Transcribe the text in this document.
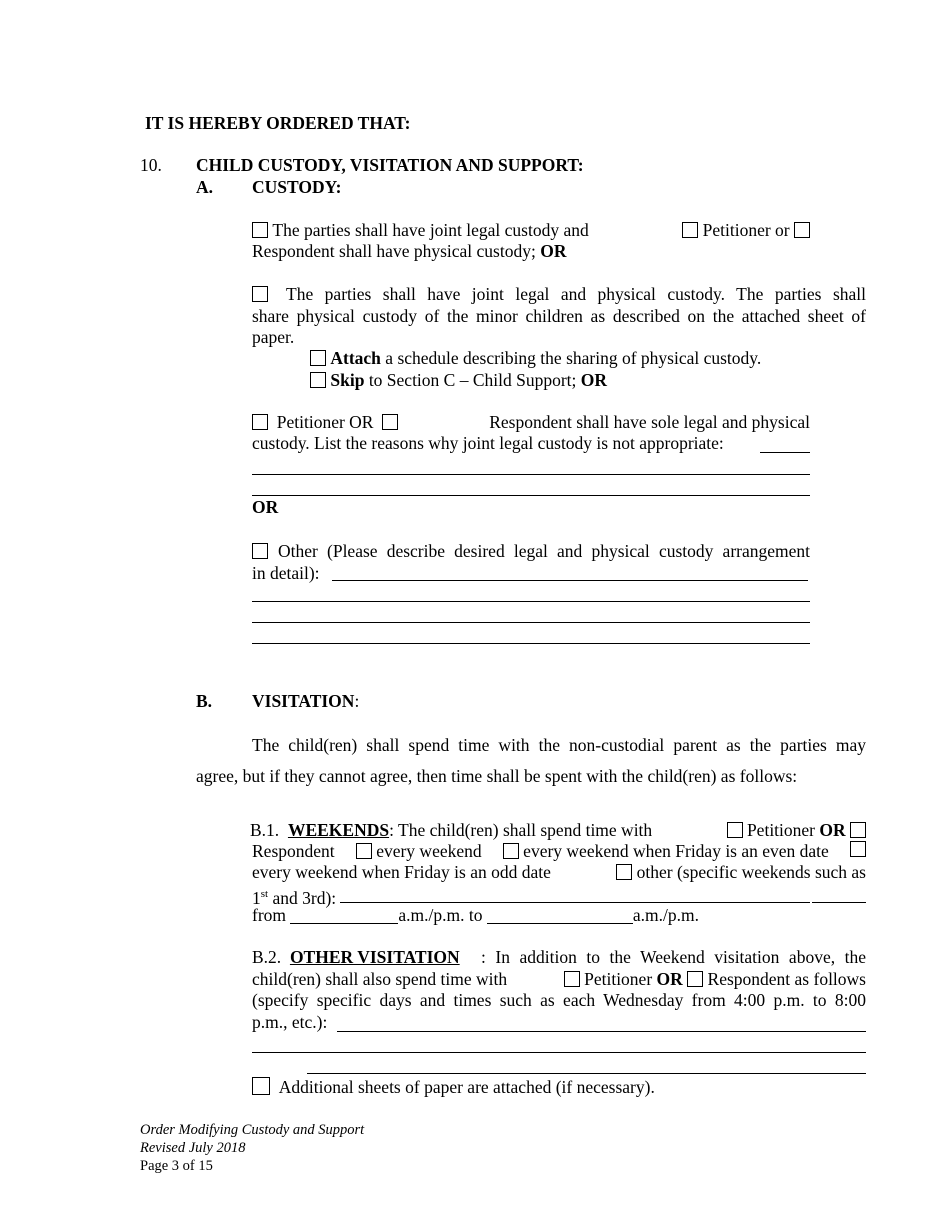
IT IS HEREBY ORDERED THAT:
10. CHILD CUSTODY, VISITATION AND SUPPORT:
A. CUSTODY:
The parties shall have joint legal custody and	Petitioner or
Respondent shall have physical custody; OR
The parties shall have joint legal and physical custody. The parties shall
share physical custody of the minor children as described on the attached sheet of
paper.
Attach a schedule describing the sharing of physical custody.
Skip to Section C – Child Support; OR
Petitioner OR	Respondent shall have sole legal and physical
custody. List the reasons why joint legal custody is not appropriate:
OR
Other (Please describe desired legal and physical custody arrangement
in detail):
B. VISITATION:
The child(ren) shall spend time with the non-custodial parent as the parties may
agree, but if they cannot agree, then time shall be spent with the child(ren) as follows:
B.1. WEEKENDS: The child(ren) shall spend time with	Petitioner OR
Respondent	every weekend	every weekend when Friday is an even date
every weekend when Friday is an odd date	other (specific weekends such as
1st and 3rd):
from	a.m./p.m. to	a.m./p.m.
B.2. OTHER VISITATION : In addition to the Weekend visitation above, the
child(ren) shall also spend time with	Petitioner OR Respondent as follows
(specify specific days and times such as each Wednesday from 4:00 p.m. to 8:00
p.m., etc.):
Additional sheets of paper are attached (if necessary).
Order Modifying Custody and Support
Revised July 2018
Page 3 of 15
